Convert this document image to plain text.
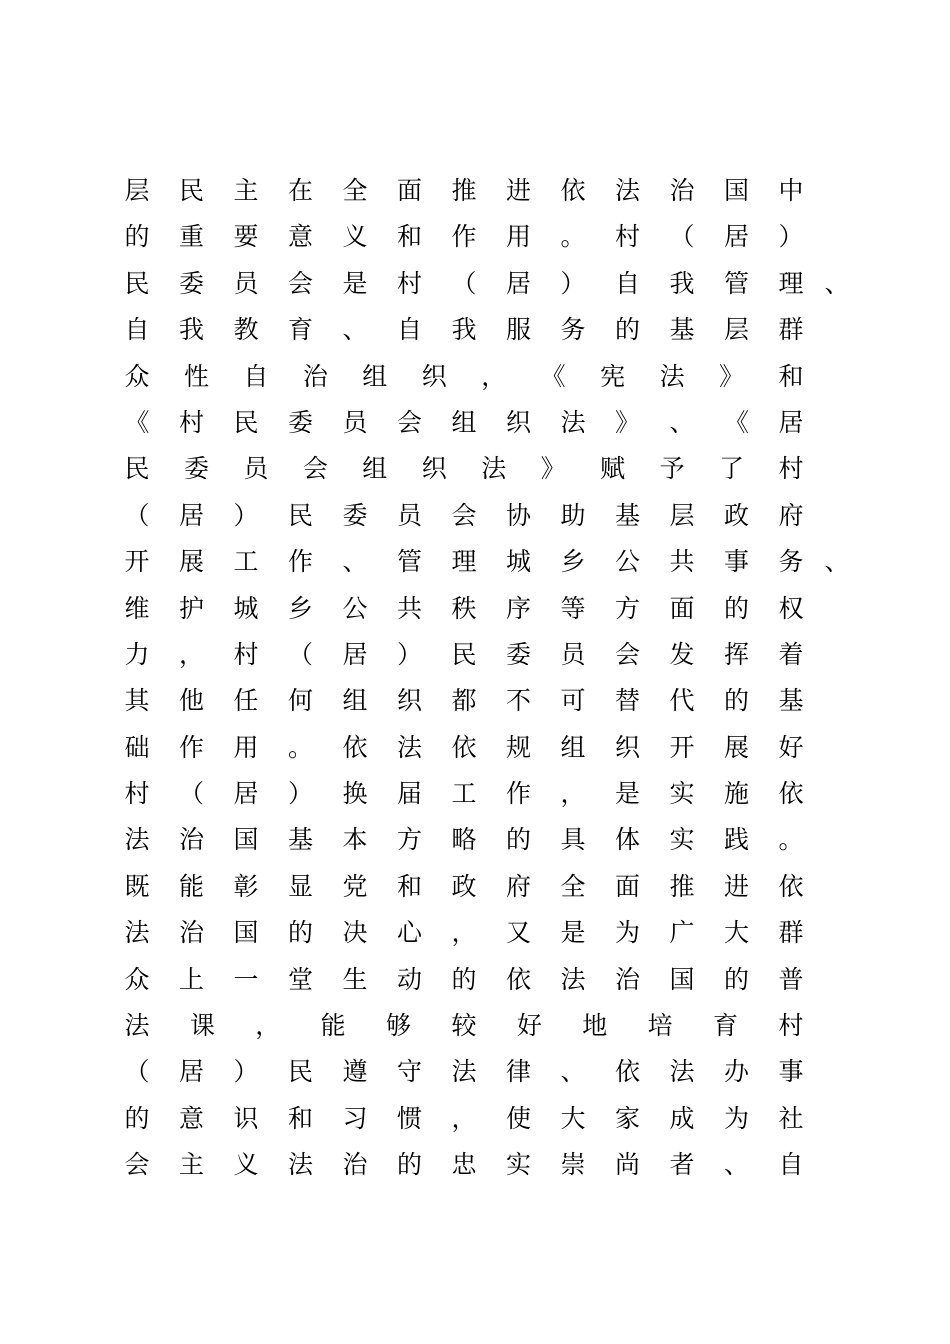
层 民 主 在 全 面 推 进 依 法 治 国 中
的 重 要 意 义 和 作 用 。 村 （ 居 ）
民 委 员 会 是 村 （ 居 ） 自 我 管 理 、
自 我 教 育 、 自 我 服 务 的 基 层 群
众 性 自 治 组 织 ， 《 宪 法 》 和
《 村 民 委 员 会 组 织 法 》 、 《 居
民 委 员 会 组 织 法 》 赋 予 了 村
（ 居 ） 民 委 员 会 协 助 基 层 政 府
开 展 工 作 、 管 理 城 乡 公 共 事 务 、
维 护 城 乡 公 共 秩 序 等 方 面 的 权
力 ， 村 （ 居 ） 民 委 员 会 发 挥 着
其 他 任 何 组 织 都 不 可 替 代 的 基
础 作 用 。 依 法 依 规 组 织 开 展 好
村 （ 居 ） 换 届 工 作 ， 是 实 施 依
法 治 国 基 本 方 略 的 具 体 实 践 。
既 能 彰 显 党 和 政 府 全 面 推 进 依
法 治 国 的 决 心 ， 又 是 为 广 大 群
众 上 一 堂 生 动 的 依 法 治 国 的 普
法 课 ， 能 够 较 好 地 培 育 村
（ 居 ） 民 遵 守 法 律 、 依 法 办 事
的 意 识 和 习 惯 ， 使 大 家 成 为 社
会 主 义 法 治 的 忠 实 崇 尚 者 、 自
